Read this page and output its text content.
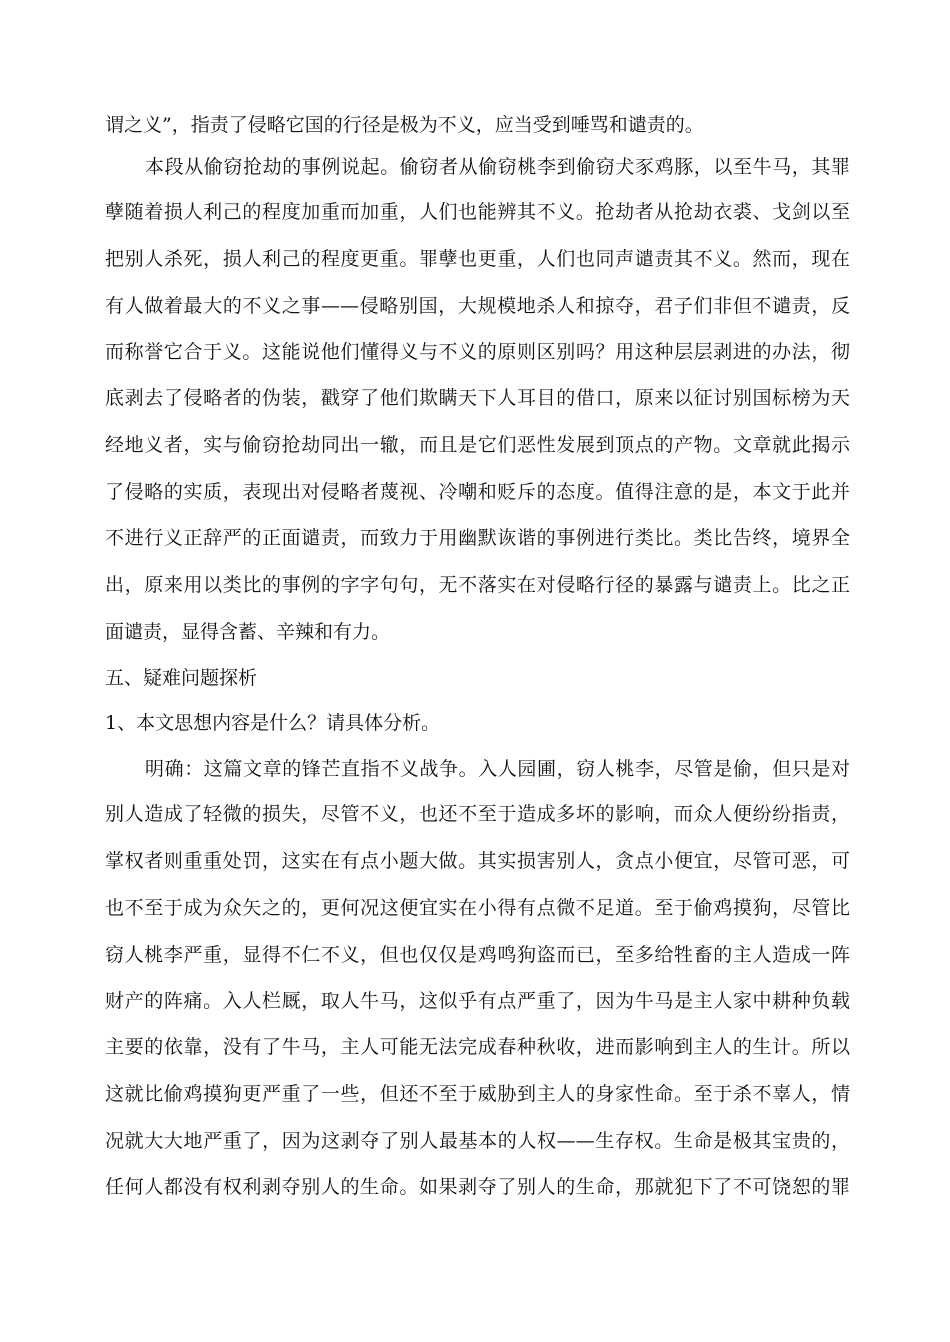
谓之义”，指责了侵略它国的行径是极为不义，应当受到唾骂和谴责的。
本段从偷窃抢劫的事例说起。偷窃者从偷窃桃李到偷窃犬豕鸡豚，以至牛马，其罪
孽随着损人利己的程度加重而加重，人们也能辨其不义。抢劫者从抢劫衣裘、戈剑以至
把别人杀死，损人利己的程度更重。罪孽也更重，人们也同声谴责其不义。然而，现在
有人做着最大的不义之事——侵略别国，大规模地杀人和掠夺，君子们非但不谴责，反
而称誉它合于义。这能说他们懂得义与不义的原则区别吗？用这种层层剥进的办法，彻
底剥去了侵略者的伪装，戳穿了他们欺瞒天下人耳目的借口，原来以征讨别国标榜为天
经地义者，实与偷窃抢劫同出一辙，而且是它们恶性发展到顶点的产物。文章就此揭示
了侵略的实质，表现出对侵略者蔑视、冷嘲和贬斥的态度。值得注意的是，本文于此并
不进行义正辞严的正面谴责，而致力于用幽默诙谐的事例进行类比。类比告终，境界全
出，原来用以类比的事例的字字句句，无不落实在对侵略行径的暴露与谴责上。比之正
面谴责，显得含蓄、辛辣和有力。
五、疑难问题探析
1、本文思想内容是什么？请具体分析。
明确：这篇文章的锋芒直指不义战争。入人园圃，窃人桃李，尽管是偷，但只是对
别人造成了轻微的损失，尽管不义，也还不至于造成多坏的影响，而众人便纷纷指责，
掌权者则重重处罚，这实在有点小题大做。其实损害别人，贪点小便宜，尽管可恶，可
也不至于成为众矢之的，更何况这便宜实在小得有点微不足道。至于偷鸡摸狗，尽管比
窃人桃李严重，显得不仁不义，但也仅仅是鸡鸣狗盗而已，至多给牲畜的主人造成一阵
财产的阵痛。入人栏厩，取人牛马，这似乎有点严重了，因为牛马是主人家中耕种负载
主要的依靠，没有了牛马，主人可能无法完成春种秋收，进而影响到主人的生计。所以
这就比偷鸡摸狗更严重了一些，但还不至于威胁到主人的身家性命。至于杀不辜人，情
况就大大地严重了，因为这剥夺了别人最基本的人权——生存权。生命是极其宝贵的，
任何人都没有权利剥夺别人的生命。如果剥夺了别人的生命，那就犯下了不可饶恕的罪
